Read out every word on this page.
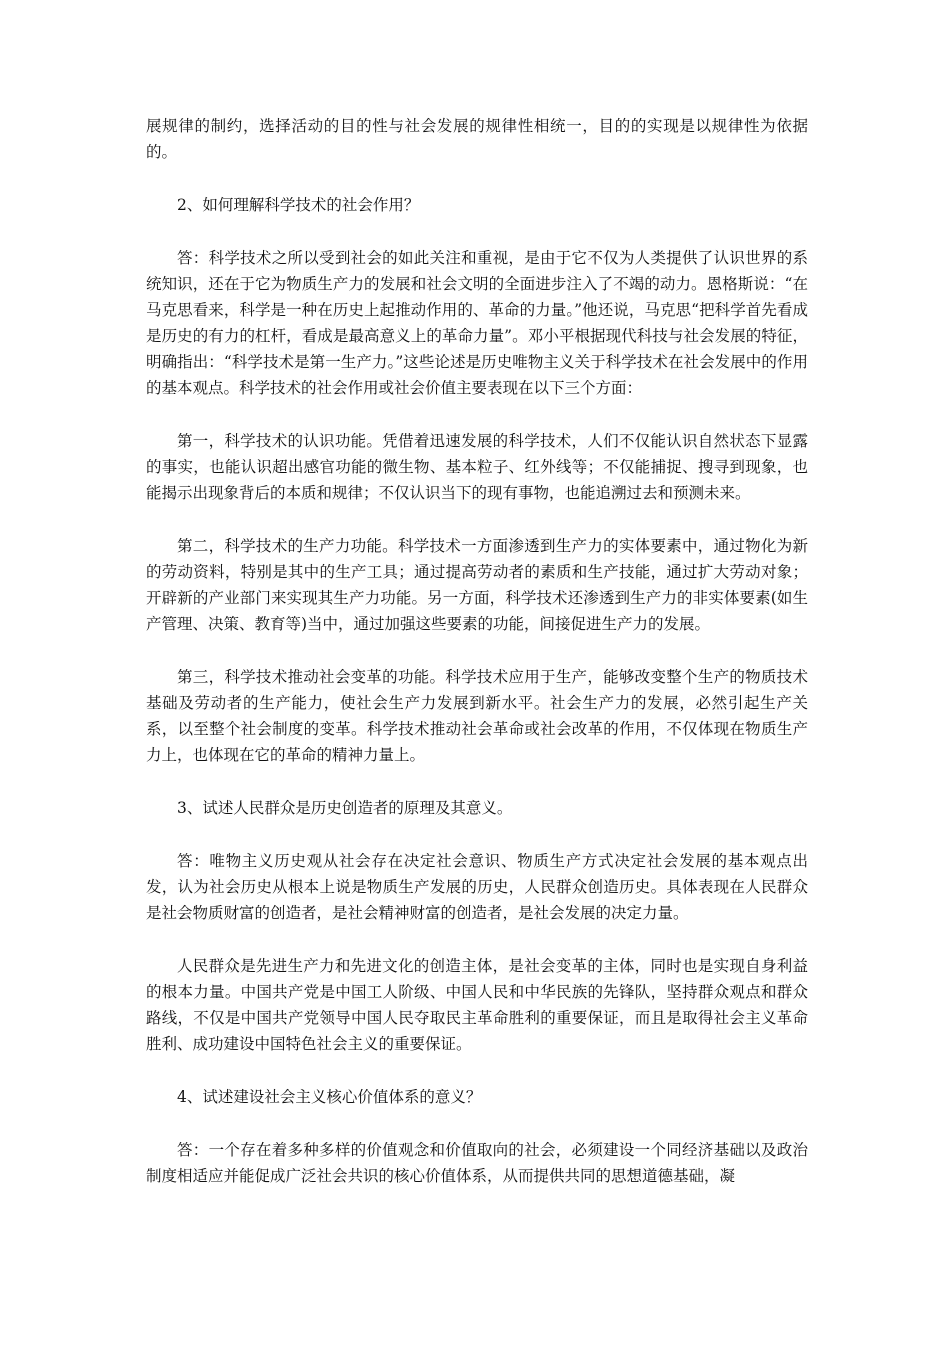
展规律的制约，选择活动的目的性与社会发展的规律性相统一，目的的实现是以规律性为依据的。

2、如何理解科学技术的社会作用？

答：科学技术之所以受到社会的如此关注和重视，是由于它不仅为人类提供了认识世界的系统知识，还在于它为物质生产力的发展和社会文明的全面进步注入了不竭的动力。恩格斯说：“在马克思看来，科学是一种在历史上起推动作用的、革命的力量。”他还说，马克思“把科学首先看成是历史的有力的杠杆，看成是最高意义上的革命力量”。邓小平根据现代科技与社会发展的特征，明确指出：“科学技术是第一生产力。”这些论述是历史唯物主义关于科学技术在社会发展中的作用的基本观点。科学技术的社会作用或社会价值主要表现在以下三个方面：

第一，科学技术的认识功能。凭借着迅速发展的科学技术，人们不仅能认识自然状态下显露的事实，也能认识超出感官功能的微生物、基本粒子、红外线等；不仅能捕捉、搜寻到现象，也能揭示出现象背后的本质和规律；不仅认识当下的现有事物，也能追溯过去和预测未来。

第二，科学技术的生产力功能。科学技术一方面渗透到生产力的实体要素中，通过物化为新的劳动资料，特别是其中的生产工具；通过提高劳动者的素质和生产技能，通过扩大劳动对象；开辟新的产业部门来实现其生产力功能。另一方面，科学技术还渗透到生产力的非实体要素(如生产管理、决策、教育等)当中，通过加强这些要素的功能，间接促进生产力的发展。

第三，科学技术推动社会变革的功能。科学技术应用于生产，能够改变整个生产的物质技术基础及劳动者的生产能力，使社会生产力发展到新水平。社会生产力的发展，必然引起生产关系，以至整个社会制度的变革。科学技术推动社会革命或社会改革的作用，不仅体现在物质生产力上，也体现在它的革命的精神力量上。

3、试述人民群众是历史创造者的原理及其意义。

答：唯物主义历史观从社会存在决定社会意识、物质生产方式决定社会发展的基本观点出发，认为社会历史从根本上说是物质生产发展的历史，人民群众创造历史。具体表现在人民群众是社会物质财富的创造者，是社会精神财富的创造者，是社会发展的决定力量。

人民群众是先进生产力和先进文化的创造主体，是社会变革的主体，同时也是实现自身利益的根本力量。中国共产党是中国工人阶级、中国人民和中华民族的先锋队，坚持群众观点和群众路线，不仅是中国共产党领导中国人民夺取民主革命胜利的重要保证，而且是取得社会主义革命胜利、成功建设中国特色社会主义的重要保证。

4、试述建设社会主义核心价值体系的意义？

答：一个存在着多种多样的价值观念和价值取向的社会，必须建设一个同经济基础以及政治制度相适应并能促成广泛社会共识的核心价值体系，从而提供共同的思想道德基础，凝
